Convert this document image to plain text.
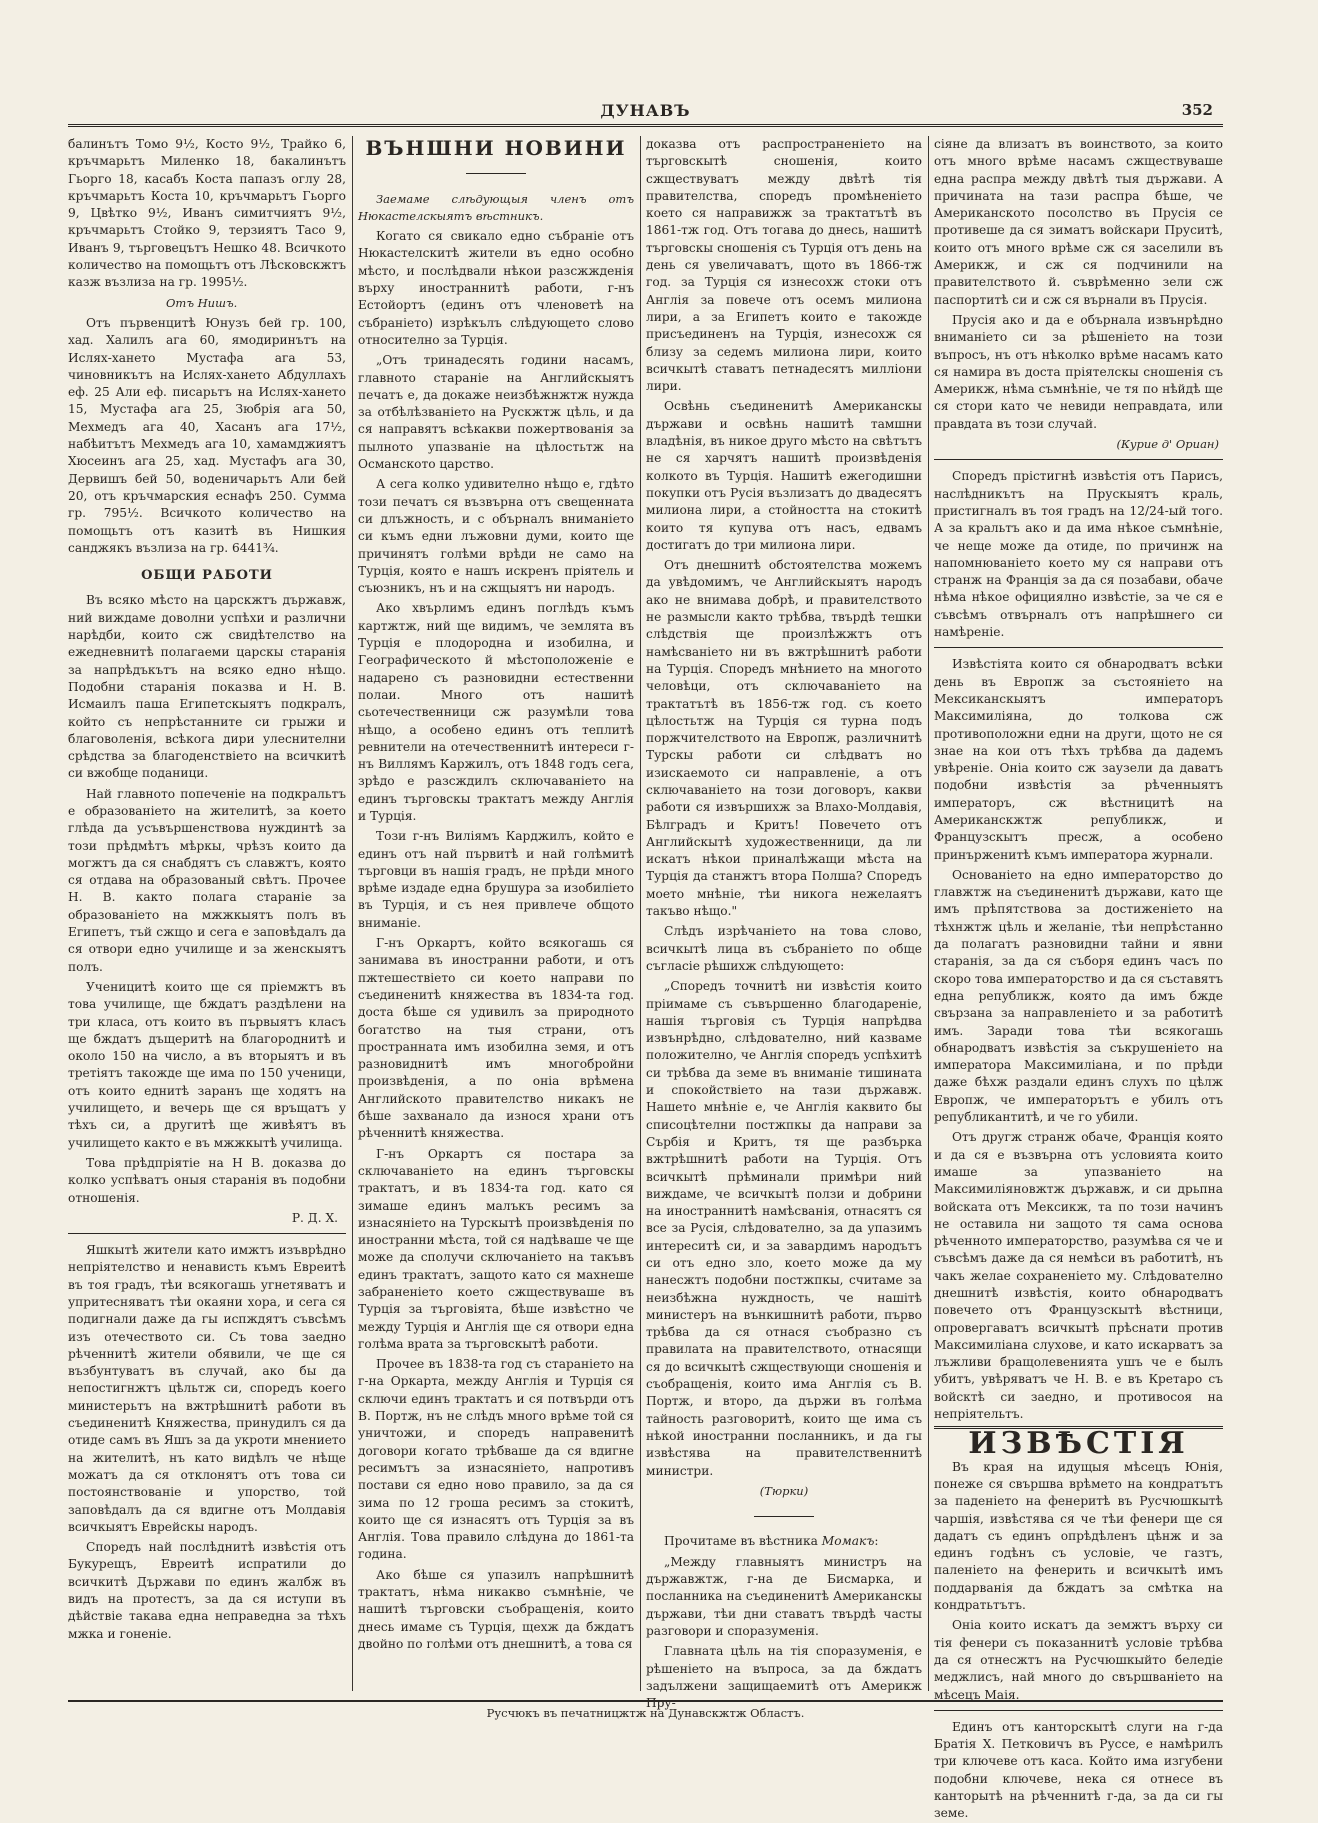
ДУНАВЪ	352

балинътъ Томо 9½, Косто 9½, Трайко 6, кръчмарьтъ Миленко 18, бакалинътъ Гьорго 18, касабъ Коста папазъ оглу 28, кръчмарьтъ Коста 10, кръчмарьтъ Гьорго 9, Цвѣтко 9½, Иванъ симитчиятъ 9½, кръчмарьтъ Стойко 9, терзиятъ Тасо 9, Иванъ 9, търговецътъ Нешко 48. Всичкото количество на помощьтъ отъ Лѣсковскжтъ казж възлиза на гр. 1995½.

Отъ Нишъ.

Отъ първенцитѣ Юнузъ бей гр. 100, хад. Халилъ ага 60, ямодиринътъ на Ислях-хането Мустафа ага 53, чиновникътъ на Ислях-хането Абдуллахъ еф. 25 Али еф. писарьтъ на Ислях-хането 15, Мустафа ага 25, Зюбрія ага 50, Мехмедъ ага 40, Хасанъ ага 17½, набѣитътъ Мехмедъ ага 10, хамамджиятъ Хюсеинъ ага 25, хад. Мустафъ ага 30, Дервишъ бей 50, воденичарьтъ Али бей 20, отъ кръчмарския еснафъ 250. Сумма гр. 795½. Всичкото количество на помощьтъ отъ казитѣ въ Нишкия санджякъ възлиза на гр. 6441¾.

ОБЩИ РАБОТИ

Въ всяко мѣсто на царскжтъ държавж, ний виждаме доволни успѣхи и различни нарѣдби, които сж свидѣтелство на ежедневнитѣ полагаеми царскы старанія за напрѣдъкътъ на всяко едно нѣщо. Подобни старанія показва и Н. В. Исмаилъ паша Египетскыятъ подкралъ, който съ непрѣстанните си грыжи и благоволенія, всѣкога дири улеснителни срѣдства за благоденствіето на всичкитѣ си вжобще поданици.

Най главното попеченіе на подкральтъ е образованіето на жителитѣ, за което глѣда да усъвършенствова нуждинтѣ за този прѣдмѣтъ мѣркы, чрѣзъ които да могжтъ да ся снабдятъ съ славжтъ, която ся отдава на образованый свѣтъ. Прочее Н. В. както полага стараніе за образованіето на мжжкыятъ полъ въ Египетъ, тъй сжщо и сега е заповѣдалъ да ся отвори едно училище и за женскыятъ полъ.

Ученицитѣ които ще ся пріемжтъ въ това училище, ще бждатъ раздѣлени на три класа, отъ които въ първыятъ класъ ще бждатъ дъщеритѣ на благороднитѣ и около 150 на число, а въ вторыятъ и въ третіятъ такожде ще има по 150 ученици, отъ които еднитѣ заранъ ще ходятъ на училището, и вечерь ще ся връщатъ у тѣхъ си, а другитѣ ще живѣятъ въ училището както е въ мжжкытѣ училища.

Това прѣдпріятіе на Н В. доказва до колко успѣватъ оныя старанія въ подобни отношенія.

Р. Д. Х.

Яшкытѣ жители като имжтъ изъврѣдно непріятелство и ненависть къмъ Евреитѣ въ тоя градъ, тѣи всякогашь угнетяватъ и упритесняватъ тѣи окаяни хора, и сега ся подигнали даже да гы испждятъ съвсѣмъ изъ отечеството си. Съ това заедно рѣченнитѣ жители обявили, че ще ся възбунтуватъ въ случай, ако бы да непостигнжтъ цѣльтж си, споредъ коего министерьтъ на вжтрѣшнитѣ работи въ съединенитѣ Княжества, принудилъ ся да отиде самъ въ Яшъ за да укроти мнението на жителитѣ, нъ като видѣлъ че нѣще можатъ да ся отклонятъ отъ това си постоянствованіе и упорство, той заповѣдалъ да ся вдигне отъ Молдавія всичкыятъ Еврейскы народъ.

Споредъ най послѣднитѣ извѣстія отъ Букурещъ, Евреитѣ испратили до всичкитѣ Държави по единъ жалбж въ видъ на протестъ, за да ся иступи въ дѣйствіе такава една неправедна за тѣхъ мжка и гоненіе.

ВЪНШНИ НОВИНИ

Заемаме слѣдующыя членъ отъ Нюкастелскыятъ вѣстникъ.

Когато ся свикало едно събраніе отъ Нюкастелскитѣ жители въ едно особно мѣсто, и послѣдвали нѣкои разсжжденія върху иностраннитѣ работи, г-нъ Естойортъ (единъ отъ членоветѣ на събраніето) изрѣкълъ слѣдующето слово относително за Турція.

„Отъ тринадесять години насамъ, главното стараніе на Английскыятъ печатъ е, да докаже неизбѣжнжтж нужда за отбѣлѣзваніето на Рускжтж цѣль, и да ся направятъ всѣкакви пожертвованія за пылното упазваніе на цѣлостьтж на Османското царство.

А сега колко удивително нѣщо е, гдѣто този печатъ ся възвърна отъ свещенната си длъжность, и с обърналъ вниманіето си къмъ едни лъжовни думи, които ще причинятъ голѣми врѣди не само на Турція, която е нашъ искренъ пріятель и съюзникъ, нъ и на сжщыятъ ни народъ.

Ако хвърлимъ единъ поглѣдъ къмъ картжтж, ний ще видимъ, че землята въ Турція е плодородна и изобилна, и Географическото й мѣстоположеніе е надарено съ разновидни естественни полаи. Много отъ нашитѣ сьотечественници сж разумѣли това нѣщо, а особено единъ отъ теплитѣ ревнители на отечественнитѣ интереси г-нъ Виллямъ Каржилъ, отъ 1848 годъ сега, зрѣдо е разсждилъ сключаваніето на единъ търговскы трактатъ между Англія и Турція.

Този г-нъ Виліямъ Карджилъ, който е единъ отъ най първитѣ и най голѣмитѣ търговци въ нашія градъ, не прѣди много врѣме издаде една брушура за изобиліето въ Турція, и съ нея привлече общото вниманіе.

Г-нъ Оркартъ, който всякогашь ся занимава въ иностранни работи, и отъ пжтешествіето си което направи по съединенитѣ княжества въ 1834-та год. доста бѣше ся удивилъ за природното богатство на тыя страни, отъ пространната имъ изобилна земя, и отъ разновиднитѣ имъ многобройни произвѣденія, а по оніа врѣмена Английското правителство никакъ не бѣше захванало да износя храни отъ рѣченнитѣ княжества.

Г-нъ Оркартъ ся постара за сключаваніето на единъ търговскы трактатъ, и въ 1834-та год. като ся зимаше единъ малъкъ ресимъ за изнасяніето на Турскытѣ произвѣденія по иностранни мѣста, той ся надѣваше че ще може да сполучи сключаніето на такъвъ единъ трактатъ, защото като ся махнеше забраненіето което сжществуваше въ Турція за търговіята, бѣше извѣстно че между Турція и Англія ще ся отвори една голѣма врата за търговскытѣ работи.

Прочее въ 1838-та год съ стараніето на г-на Оркарта, между Англія и Турція ся сключи единъ трактатъ и ся потвърди отъ В. Портж, нъ не слѣдъ много врѣме той ся уничтожи, и споредъ направенитѣ договори когато трѣбваше да ся вдигне ресимътъ за изнасяніето, напротивъ постави ся едно ново правило, за да ся зима по 12 гроша ресимъ за стокитѣ, които ще ся изнасятъ отъ Турція за въ Англія. Това правило слѣдуна до 1861-та година.

Ако бѣше ся упазилъ напрѣшнитѣ трактатъ, нѣма никакво съмнѣніе, че нашитѣ търговски съобращенія, които днесь имаме съ Турція, щехж да бждатъ двойно по голѣми отъ днешнитѣ, а това ся

доказва отъ распространеніето на търговскытѣ сношенія, които сжществуватъ между двѣтѣ тія правителства, споредъ промѣненіето което ся направижж за трактатътѣ въ 1861-тж год. Отъ тогава до днесь, нашитѣ търговскы сношенія съ Турція отъ день на день ся увеличаватъ, щото въ 1866-тж год. за Турція ся изнесохж стоки отъ Англія за повече отъ осемъ милиона лири, а за Египетъ които е такожде присъединенъ на Турція, изнесохж ся близу за седемъ милиона лири, които всичкытѣ ставатъ петнадесятъ милліони лири.

Освѣнь съединенитѣ Американскы държави и освѣнь нашитѣ тамшни владѣнія, въ никое друго мѣсто на свѣтътъ не ся харчятъ нашитѣ произвѣденія колкото въ Турція. Нашитѣ ежегодишни покупки отъ Русія възлизатъ до двадесятъ милиона лири, а стойността на стокитѣ които тя купува отъ насъ, едвамъ достигатъ до три милиона лири.

Отъ днешнитѣ обстоятелства можемъ да увѣдомимъ, че Английскыятъ народъ ако не внимава добрѣ, и правителството не размысли както трѣбва, твърдѣ тешки слѣдствія ще произлѣжжтъ отъ намѣсваніето ни въ вжтрѣшнитѣ работи на Турція. Споредъ мнѣнието на многото человѣци, отъ сключаваніето на трактатътѣ въ 1856-тж год. съ което цѣлостьтж на Турція ся турна подъ поржчителството на Европж, различнитѣ Турскы работи си слѣдватъ но изискаемото си направленіе, а отъ сключаваніето на този договоръ, какви работи ся извършихж за Влахо-Молдавія, Бѣлградъ и Критъ! Повечето отъ Английскытѣ художественници, да ли искатъ нѣкои приналѣжащи мѣста на Турція да станжтъ втора Полша? Споредъ моето мнѣніе, тѣи никога нежелаятъ такъво нѣщо."

Слѣдъ изрѣчаніето на това слово, всичкытѣ лица въ събраніето по обще съгласіе рѣшихж слѣдующето:

„Споредъ точнитѣ ни извѣстія които пріимаме съ съвършенно благодареніе, нашія търговія съ Турція напрѣдва извънрѣдно, слѣдователно, ний казваме положително, че Англія споредъ успѣхитѣ си трѣбва да земе въ вниманіе тишината и спокойствіето на тази държавж. Нашето мнѣніе е, че Англія каквито бы списоцѣтелни постжпкы да направи за Сърбія и Критъ, тя ще разбърка вжтрѣшнитѣ работи на Турція. Отъ всичкытѣ прѣминали примѣри ний виждаме, че всичкытѣ ползи и добрини на иностраннитѣ намѣсванія, отнасятъ ся все за Русія, слѣдователно, за да упазимъ интереситѣ си, и за завардимъ народътъ си отъ едно зло, което може да му нанесжтъ подобни постжпкы, считаме за неизбѣжна нуждность, че нашітѣ министеръ на вънкишнитѣ работи, първо трѣбва да ся отнася съобразно съ правилата на правителството, отнасящи ся до всичкытѣ сжществующи сношенія и съобращенія, които има Англія съ В. Портж, и второ, да държи въ голѣма тайность разговоритѣ, които ще има съ нѣкой иностранни посланникъ, и да гы извѣстява на правителственнитѣ министри.

(Тюрки)

Прочитаме въ вѣстника Момакъ:

„Между главныятъ министръ на държавжтж, г-на де Бисмарка, и посланника на съединенитѣ Американскы държави, тѣи дни ставатъ твърдѣ часты разговори и споразуменія.

Главната цѣль на тія споразуменія, е рѣшеніето на въпроса, за да бждатъ задължени защищаемитѣ отъ Америкж Пру-

сіяне да влизатъ въ воинството, за които отъ много врѣме насамъ сжществуваше една распра между двѣтѣ тыя държави. А причината на тази распра бѣше, че Американското посолство въ Прусія се противеше да ся зиматъ войскари Пруситѣ, които отъ много врѣме сж ся заселили въ Америкж, и сж ся подчинили на правителството й. съврѣменно зели сж паспортитѣ си и сж ся върнали въ Прусія.

Прусія ако и да е обърнала извънрѣдно вниманіето си за рѣшеніето на този въпросъ, нъ отъ нѣколко врѣме насамъ като ся намира въ доста пріятелскы сношенія съ Америкж, нѣма съмнѣніе, че тя по нѣйдѣ ще ся стори като че невиди неправдата, или правдата въ този случай.

(Курие д' Ориан)

Споредъ прістигнѣ извѣстія отъ Парисъ, наслѣдникътъ на Прускыятъ краль, пристигналъ въ тоя градъ на 12/24-ый того. А за кральтъ ако и да има нѣкое съмнѣніе, че неще може да отиде, по причинж на напомнюваніето което му ся направи отъ странж на Франція за да ся позабави, обаче нѣма нѣкое официялно извѣстіе, за че ся е съвсѣмъ отвърналъ отъ напрѣшнего си намѣреніе.

Извѣстіята които ся обнародватъ всѣки день въ Европж за състояніето на Мексиканскыятъ императоръ Максимиліяна, до толкова сж противоположни едни на други, щото не ся знае на кои отъ тѣхъ трѣбва да дадемъ увѣреніе. Оніа които сж заузели да даватъ подобни извѣстія за рѣченныятъ императоръ, сж вѣстницитѣ на Американскжтж републикж, и Французскытъ пресж, а особено принърженитѣ къмъ императора журнали.

Основаніето на едно императорство до главжтж на съединенитѣ държави, като ще имъ прѣпятствова за достиженіето на тѣхнжтж цѣль и желаніе, тѣи непрѣстанно да полагатъ разновидни тайни и явни старанія, за да ся съборя единъ часъ по скоро това императорство и да ся съставятъ една републикж, която да имъ бжде свързана за направленіето и за работитѣ имъ. Заради това тѣи всякогашь обнародватъ извѣстія за съкрушеніето на императора Максимиліана, и по прѣди даже бѣхж раздали единъ слухъ по цѣлж Европж, че императорътъ е убилъ отъ републикантитѣ, и че го убили.

Отъ другж странж обаче, Франція която и да ся е възвърна отъ условията които имаше за упазваніето на Максимиліяновжтж държавж, и си дрьпна войската отъ Мексикж, та по този начинъ не оставила ни защото тя сама основа рѣченното императорство, разумѣва ся че и съвсѣмъ даже да ся немѣси въ работитѣ, нъ чакъ желае сохраненіето му. Слѣдователно днешнитѣ извѣстія, които обнародватъ повечето отъ Французскытѣ вѣстници, опровергаватъ всичкытѣ прѣснати против Максимиліана слухове, и като искарватъ за лъжливи бращолевенията ушъ че е былъ убитъ, увѣряватъ че Н. В. е въ Кретаро съ войсктѣ си заедно, и противосоя на непріятельтъ.

ИЗВѢСТІЯ

Въ края на идущыя мѣсецъ Юнія, понеже ся свършва врѣмето на кондратътъ за паденіето на фенеритѣ въ Русчюшкытѣ чаршія, извѣстява ся че тѣи фенери ще ся дадатъ съ единъ опрѣдѣленъ цѣнж и за единъ годѣнъ съ условіе, че газтъ, паленіето на фенерить и всичкытѣ имъ поддарванія да бждатъ за смѣтка на кондратьтътъ.

Оніа които искатъ да земжтъ върху си тія фенери съ показаннитѣ условіе трѣбва да ся отнесжтъ на Русчюшкыйто беледіе меджлисъ, най много до свършваніето на мѣсецъ Маія.

Единъ отъ канторскытѣ слуги на г-да Братія Х. Петковичъ въ Руссе, е намѣрилъ три ключеве отъ каса. Който има изгубени подобни ключеве, нека ся отнесе въ канторытѣ на рѣченнитѣ г-да, за да си гы земе.

Русчюкъ въ печатницжтж на Дунавскжтж Областъ.
